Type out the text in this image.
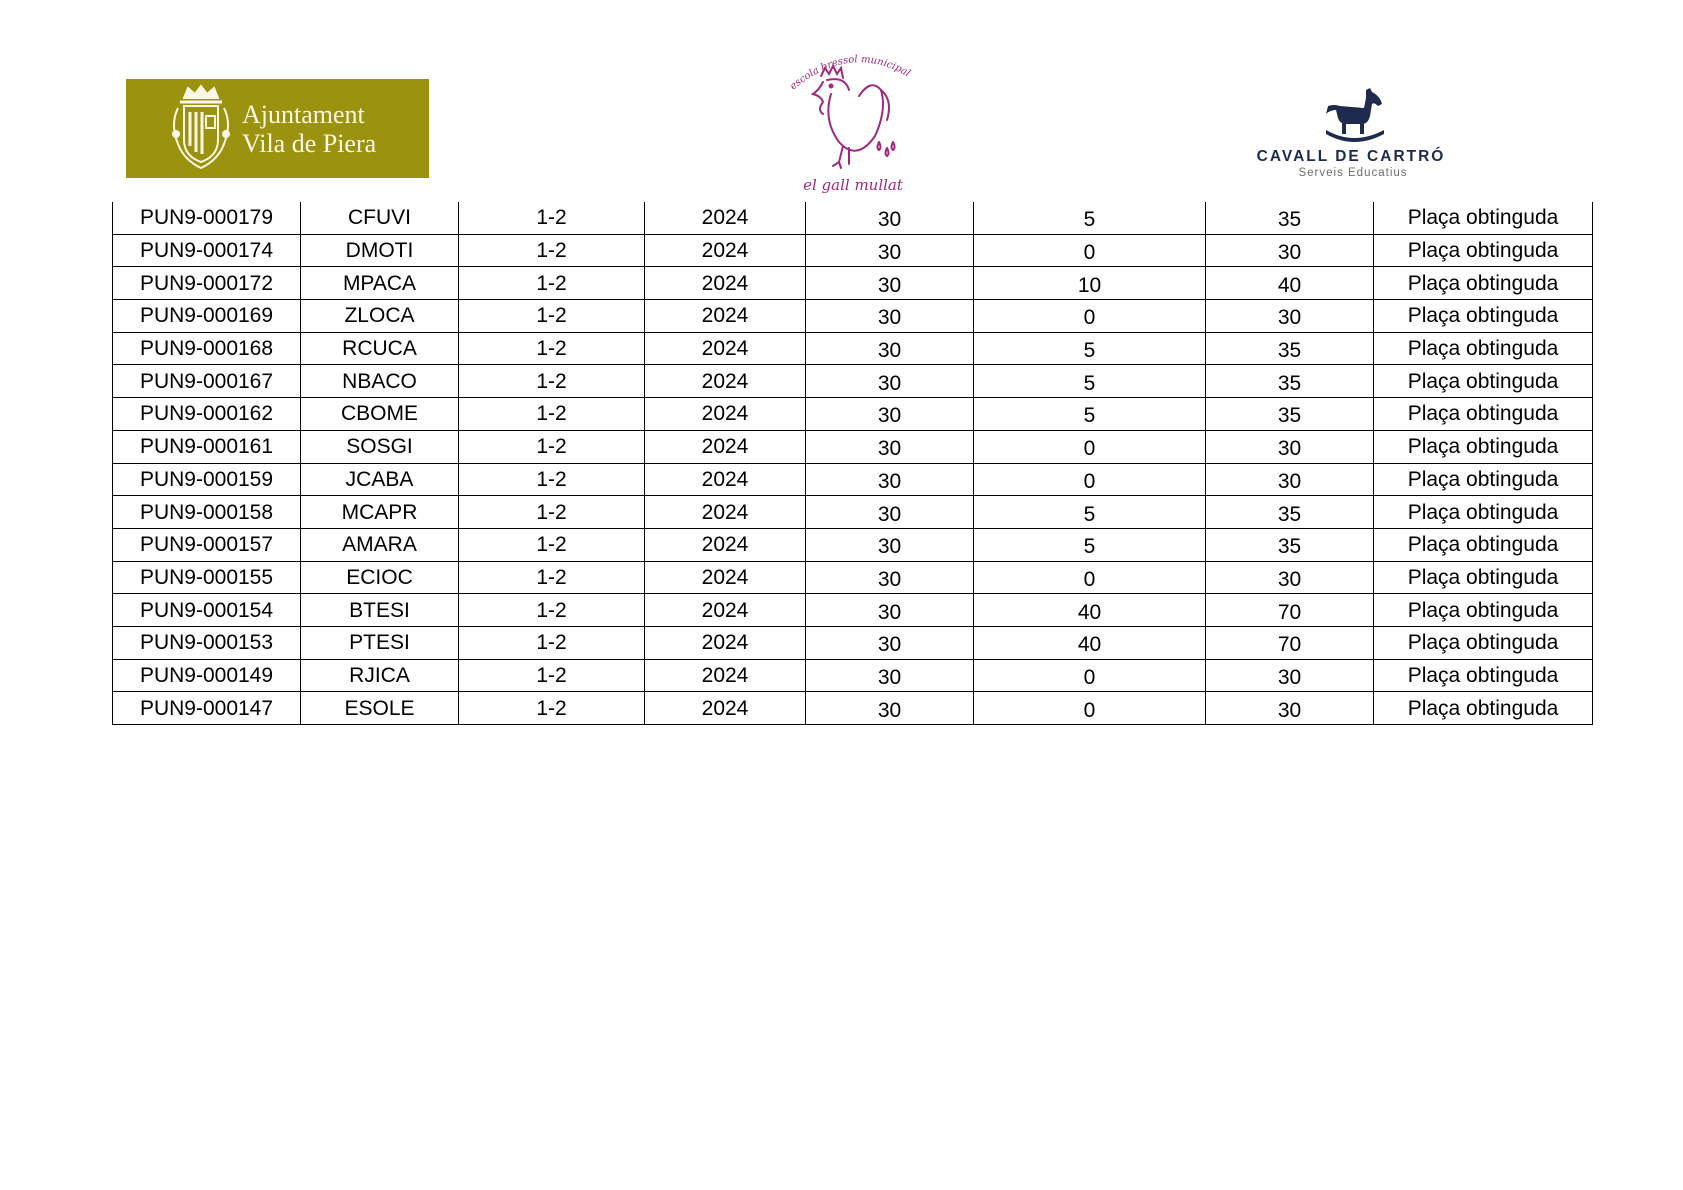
Ajuntament
Vila de Piera
escola bressol municipal
el gall mullat
CAVALL DE CARTRÓ
Serveis Educatius
PUN9-000179	CFUVI	1-2	2024	30	5	35	Plaça obtinguda
PUN9-000174	DMOTI	1-2	2024	30	0	30	Plaça obtinguda
PUN9-000172	MPACA	1-2	2024	30	10	40	Plaça obtinguda
PUN9-000169	ZLOCA	1-2	2024	30	0	30	Plaça obtinguda
PUN9-000168	RCUCA	1-2	2024	30	5	35	Plaça obtinguda
PUN9-000167	NBACO	1-2	2024	30	5	35	Plaça obtinguda
PUN9-000162	CBOME	1-2	2024	30	5	35	Plaça obtinguda
PUN9-000161	SOSGI	1-2	2024	30	0	30	Plaça obtinguda
PUN9-000159	JCABA	1-2	2024	30	0	30	Plaça obtinguda
PUN9-000158	MCAPR	1-2	2024	30	5	35	Plaça obtinguda
PUN9-000157	AMARA	1-2	2024	30	5	35	Plaça obtinguda
PUN9-000155	ECIOC	1-2	2024	30	0	30	Plaça obtinguda
PUN9-000154	BTESI	1-2	2024	30	40	70	Plaça obtinguda
PUN9-000153	PTESI	1-2	2024	30	40	70	Plaça obtinguda
PUN9-000149	RJICA	1-2	2024	30	0	30	Plaça obtinguda
PUN9-000147	ESOLE	1-2	2024	30	0	30	Plaça obtinguda
